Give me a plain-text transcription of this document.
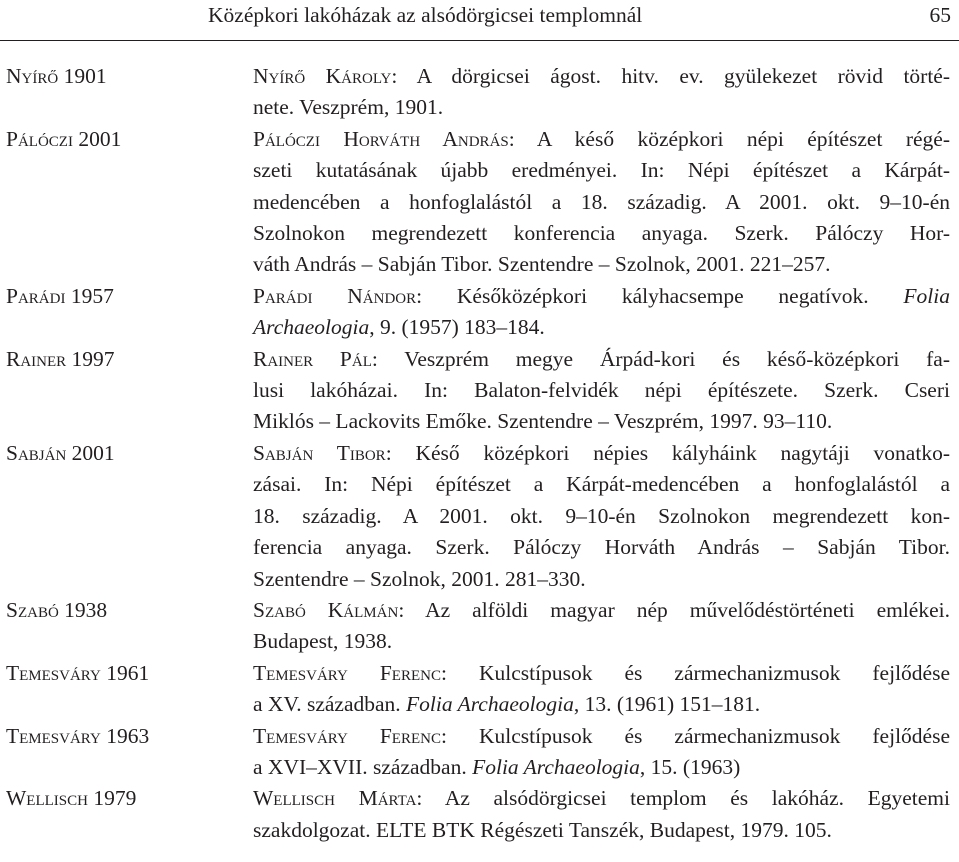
Középkori lakóházak az alsódörgicsei templomnál	65
Nyírő 1901	Nyírő Károly: A dörgicsei ágost. hitv. ev. gyülekezet rövid törté-
nete. Veszprém, 1901.
Pálóczi 2001	Pálóczi Horváth András: A késő középkori népi építészet régé-
szeti kutatásának újabb eredményei. In: Népi építészet a Kárpát-
medencében a honfoglalástól a 18. századig. A 2001. okt. 9–10-én
Szolnokon megrendezett konferencia anyaga. Szerk. Pálóczy Hor-
váth András – Sabján Tibor. Szentendre – Szolnok, 2001. 221–257.
Parádi 1957	Parádi Nándor: Későközépkori kályhacsempe negatívok. Folia
Archaeologia, 9. (1957) 183–184.
Rainer 1997	Rainer Pál: Veszprém megye Árpád-kori és késő-középkori fa-
lusi lakóházai. In: Balaton-felvidék népi építészete. Szerk. Cseri
Miklós – Lackovits Emőke. Szentendre – Veszprém, 1997. 93–110.
Sabján 2001	Sabján Tibor: Késő középkori népies kályháink nagytáji vonatko-
zásai. In: Népi építészet a Kárpát-medencében a honfoglalástól a
18. századig. A 2001. okt. 9–10-én Szolnokon megrendezett kon-
ferencia anyaga. Szerk. Pálóczy Horváth András – Sabján Tibor.
Szentendre – Szolnok, 2001. 281–330.
Szabó 1938	Szabó Kálmán: Az alföldi magyar nép művelődéstörténeti emlékei.
Budapest, 1938.
Temesváry 1961	Temesváry Ferenc: Kulcstípusok és zármechanizmusok fejlődése
a XV. században. Folia Archaeologia, 13. (1961) 151–181.
Temesváry 1963	Temesváry Ferenc: Kulcstípusok és zármechanizmusok fejlődése
a XVI–XVII. században. Folia Archaeologia, 15. (1963)
Wellisch 1979	Wellisch Márta: Az alsódörgicsei templom és lakóház. Egyetemi
szakdolgozat. ELTE BTK Régészeti Tanszék, Budapest, 1979. 105.
